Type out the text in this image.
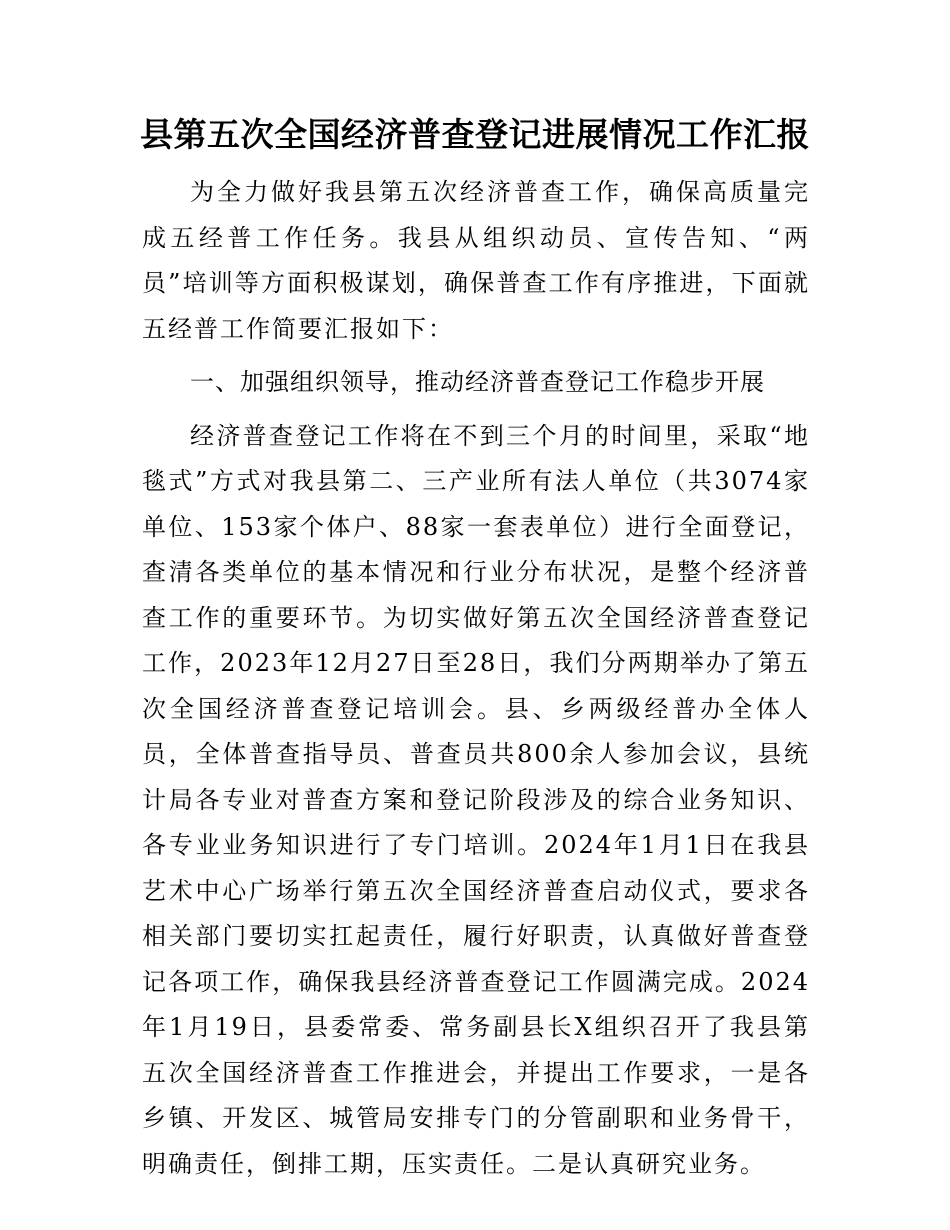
县第五次全国经济普查登记进展情况工作汇报

为全力做好我县第五次经济普查工作，确保高质量完成五经普工作任务。我县从组织动员、宣传告知、“两员”培训等方面积极谋划，确保普查工作有序推进，下面就五经普工作简要汇报如下：

一、加强组织领导，推动经济普查登记工作稳步开展

经济普查登记工作将在不到三个月的时间里，采取“地毯式”方式对我县第二、三产业所有法人单位（共3074家单位、153家个体户、88家一套表单位）进行全面登记，查清各类单位的基本情况和行业分布状况，是整个经济普查工作的重要环节。为切实做好第五次全国经济普查登记工作，2023年12月27日至28日，我们分两期举办了第五次全国经济普查登记培训会。县、乡两级经普办全体人员，全体普查指导员、普查员共800余人参加会议，县统计局各专业对普查方案和登记阶段涉及的综合业务知识、各专业业务知识进行了专门培训。2024年1月1日在我县艺术中心广场举行第五次全国经济普查启动仪式，要求各相关部门要切实扛起责任，履行好职责，认真做好普查登记各项工作，确保我县经济普查登记工作圆满完成。2024年1月19日，县委常委、常务副县长X组织召开了我县第五次全国经济普查工作推进会，并提出工作要求，一是各乡镇、开发区、城管局安排专门的分管副职和业务骨干，明确责任，倒排工期，压实责任。二是认真研究业务。
